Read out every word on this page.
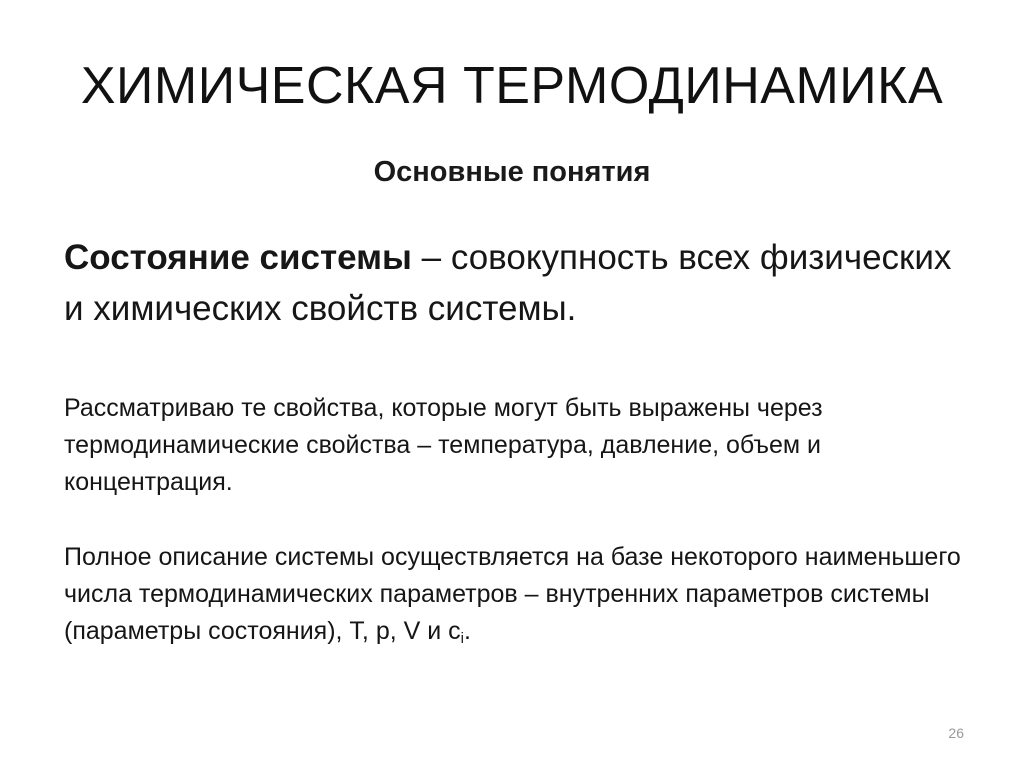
ХИМИЧЕСКАЯ ТЕРМОДИНАМИКА
Основные понятия
Состояние системы – совокупность всех физических и химических свойств системы.
Рассматриваю те свойства, которые могут быть выражены через термодинамические свойства – температура, давление, объем и концентрация.
Полное описание системы осуществляется на базе некоторого наименьшего числа термодинамических параметров – внутренних параметров системы (параметры состояния), T, p, V и $c_i$.
26
